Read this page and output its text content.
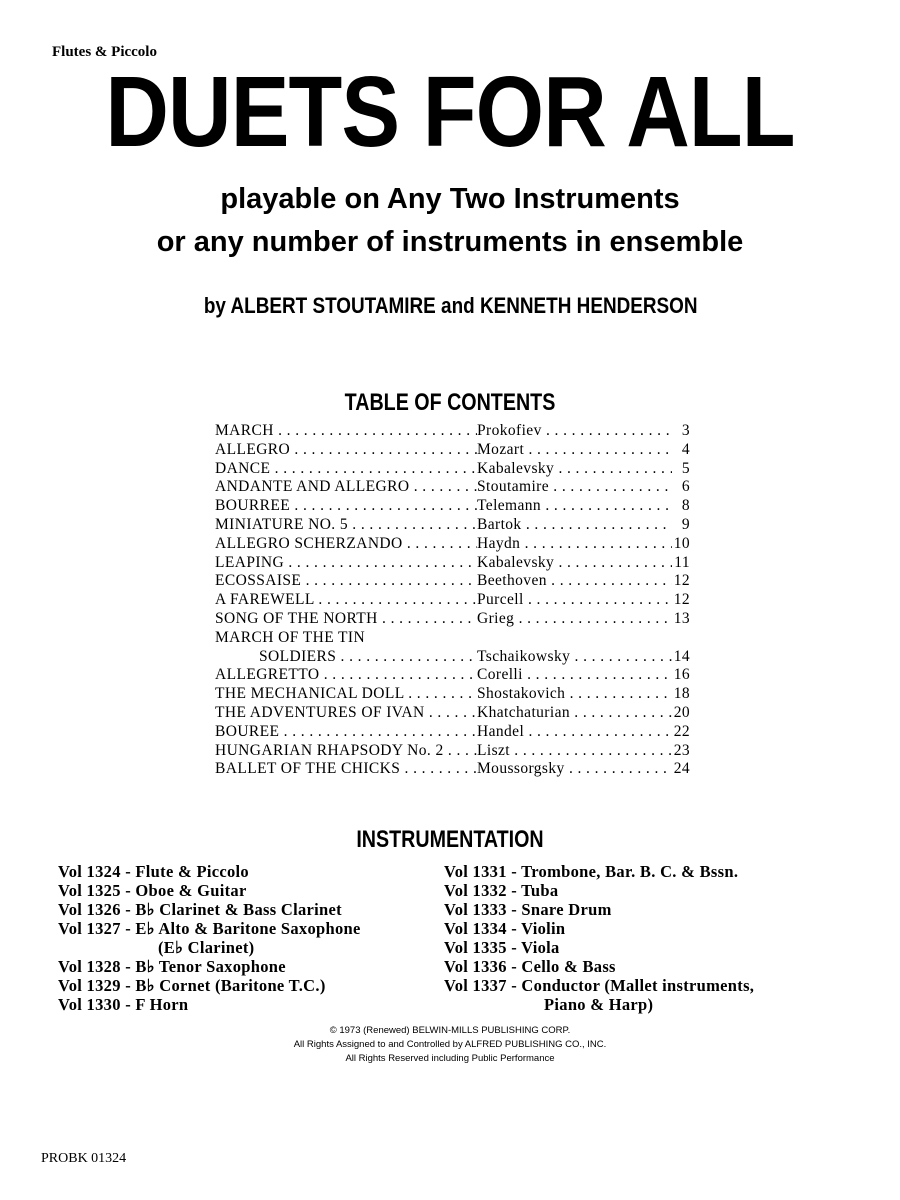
Flutes & Piccolo
DUETS FOR ALL
playable on Any Two Instruments
or any number of instruments in ensemble
by ALBERT STOUTAMIRE and KENNETH HENDERSON
TABLE OF CONTENTS
MARCH . . .	Prokofiev . . .	3
ALLEGRO . . .	Mozart . . .	4
DANCE . . .	Kabalevsky . . .	5
ANDANTE AND ALLEGRO . . .	Stoutamire . . .	6
BOURREE . . .	Telemann . . .	8
MINIATURE NO. 5 . . .	Bartok . . .	9
ALLEGRO SCHERZANDO . . .	Haydn . . .	10
LEAPING . . .	Kabalevsky . . .	11
ECOSSAISE . . .	Beethoven . . .	12
A FAREWELL . . .	Purcell . . .	12
SONG OF THE NORTH . . .	Grieg . . .	13
MARCH OF THE TIN
SOLDIERS . . .	Tschaikowsky . . .	14
ALLEGRETTO . . .	Corelli . . .	16
THE MECHANICAL DOLL . . .	Shostakovich . . .	18
THE ADVENTURES OF IVAN . . .	Khatchaturian . . .	20
BOUREE . . .	Handel . . .	22
HUNGARIAN RHAPSODY No. 2 . . .	Liszt . . .	23
BALLET OF THE CHICKS . . .	Moussorgsky . . .	24
INSTRUMENTATION
Vol 1324 - Flute & Piccolo
Vol 1325 - Oboe & Guitar
Vol 1326 - B♭ Clarinet & Bass Clarinet
Vol 1327 - E♭ Alto & Baritone Saxophone
(E♭ Clarinet)
Vol 1328 - B♭ Tenor Saxophone
Vol 1329 - B♭ Cornet (Baritone T.C.)
Vol 1330 - F Horn
Vol 1331 - Trombone, Bar. B. C. & Bssn.
Vol 1332 - Tuba
Vol 1333 - Snare Drum
Vol 1334 - Violin
Vol 1335 - Viola
Vol 1336 - Cello & Bass
Vol 1337 - Conductor (Mallet instruments,
Piano & Harp)
© 1973 (Renewed) BELWIN-MILLS PUBLISHING CORP.
All Rights Assigned to and Controlled by ALFRED PUBLISHING CO., INC.
All Rights Reserved including Public Performance
PROBK 01324
